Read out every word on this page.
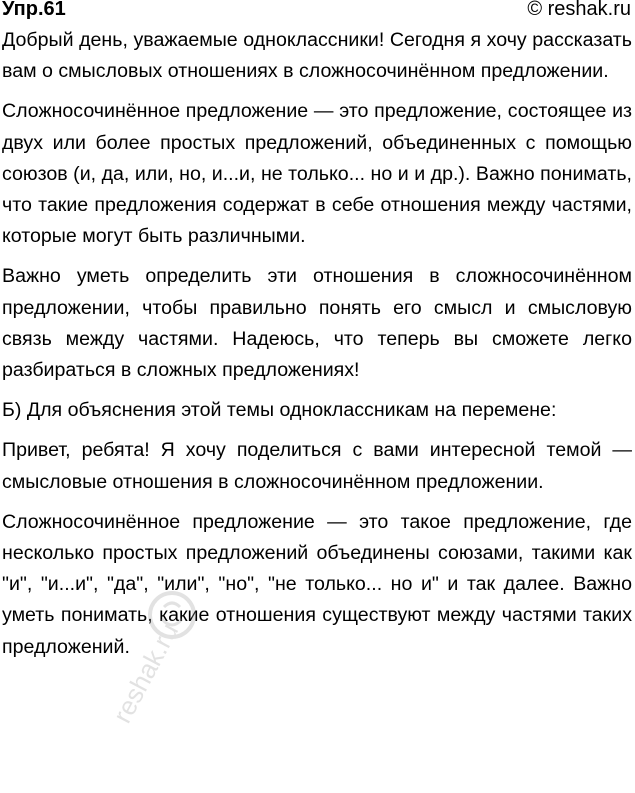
Упр.61	© reshak.ru

Добрый день, уважаемые одноклассники! Сегодня я хочу рассказать вам о смысловых отношениях в сложносочинённом предложении.

Сложносочинённое предложение — это предложение, состоящее из двух или более простых предложений, объединенных с помощью союзов (и, да, или, но, и...и, не только... но и и др.). Важно понимать, что такие предложения содержат в себе отношения между частями, которые могут быть различными.

Важно уметь определить эти отношения в сложносочинённом предложении, чтобы правильно понять его смысл и смысловую связь между частями. Надеюсь, что теперь вы сможете легко разбираться в сложных предложениях!

Б) Для объяснения этой темы одноклассникам на перемене:

Привет, ребята! Я хочу поделиться с вами интересной темой — смысловые отношения в сложносочинённом предложении.

Сложносочинённое предложение — это такое предложение, где несколько простых предложений объединены союзами, такими как "и", "и...и", "да", "или", "но", "не только... но и" и так далее. Важно уметь понимать, какие отношения существуют между частями таких предложений.

reshak.ru
